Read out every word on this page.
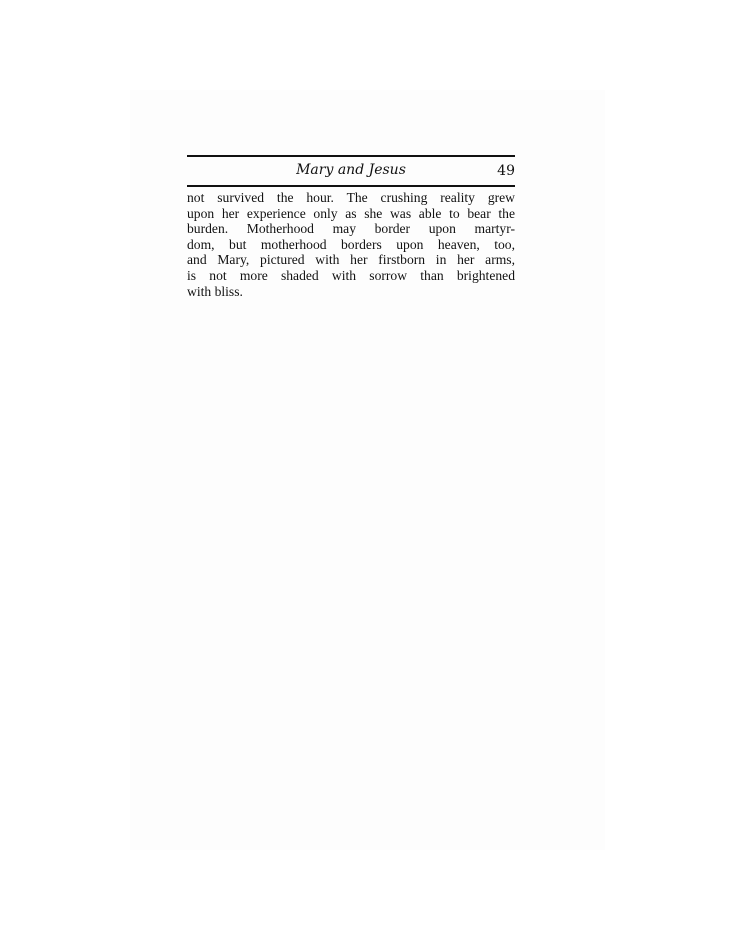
Mary and Jesus	49
not survived the hour. The crushing reality grew
upon her experience only as she was able to bear the
burden. Motherhood may border upon martyr-
dom, but motherhood borders upon heaven, too,
and Mary, pictured with her firstborn in her arms,
is not more shaded with sorrow than brightened
with bliss.
